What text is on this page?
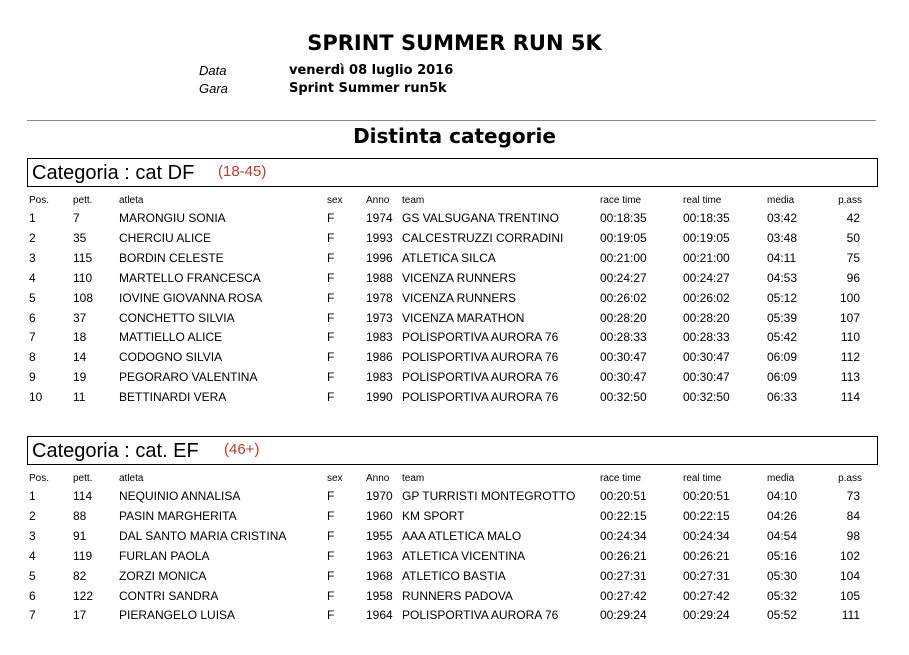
SPRINT SUMMER RUN 5K
Data	venerdì 08 luglio 2016
Gara	Sprint Summer run5k
Distinta categorie
Categoria : cat DF (18-45)
Pos. pett.	atleta	sex Anno team	race time	real time	media	p.ass
1	7	MARONGIU SONIA	F	1974 GS VALSUGANA TRENTINO	00:18:35	00:18:35	03:42	42
2	35	CHERCIU ALICE	F	1993 CALCESTRUZZI CORRADINI	00:19:05	00:19:05	03:48	50
3	115 BORDIN CELESTE	F	1996 ATLETICA SILCA	00:21:00	00:21:00	04:11	75
4	110 MARTELLO FRANCESCA	F	1988 VICENZA RUNNERS	00:24:27	00:24:27	04:53	96
5	108 IOVINE GIOVANNA ROSA	F	1978 VICENZA RUNNERS	00:26:02	00:26:02	05:12	100
6	37	CONCHETTO SILVIA	F	1973 VICENZA MARATHON	00:28:20	00:28:20	05:39	107
7	18	MATTIELLO ALICE	F	1983 POLISPORTIVA AURORA 76	00:28:33	00:28:33	05:42	110
8	14	CODOGNO SILVIA	F	1986 POLISPORTIVA AURORA 76	00:30:47	00:30:47	06:09	112
9	19	PEGORARO VALENTINA	F	1983 POLISPORTIVA AURORA 76	00:30:47	00:30:47	06:09	113
10	11	BETTINARDI VERA	F	1990 POLISPORTIVA AURORA 76	00:32:50	00:32:50	06:33	114
Categoria : cat. EF (46+)
Pos. pett.	atleta	sex Anno team	race time	real time	media	p.ass
1	114 NEQUINIO ANNALISA	F	1970 GP TURRISTI MONTEGROTTO 00:20:51	00:20:51	04:10	73
2	88	PASIN MARGHERITA	F	1960 KM SPORT	00:22:15	00:22:15	04:26	84
3	91	DAL SANTO MARIA CRISTINA	F	1955 AAA ATLETICA MALO	00:24:34	00:24:34	04:54	98
4	119 FURLAN PAOLA	F	1963 ATLETICA VICENTINA	00:26:21	00:26:21	05:16	102
5	82	ZORZI MONICA	F	1968 ATLETICO BASTIA	00:27:31	00:27:31	05:30	104
6	122 CONTRI SANDRA	F	1958 RUNNERS PADOVA	00:27:42	00:27:42	05:32	105
7	17	PIERANGELO LUISA	F	1964 POLISPORTIVA AURORA 76	00:29:24	00:29:24	05:52	111
